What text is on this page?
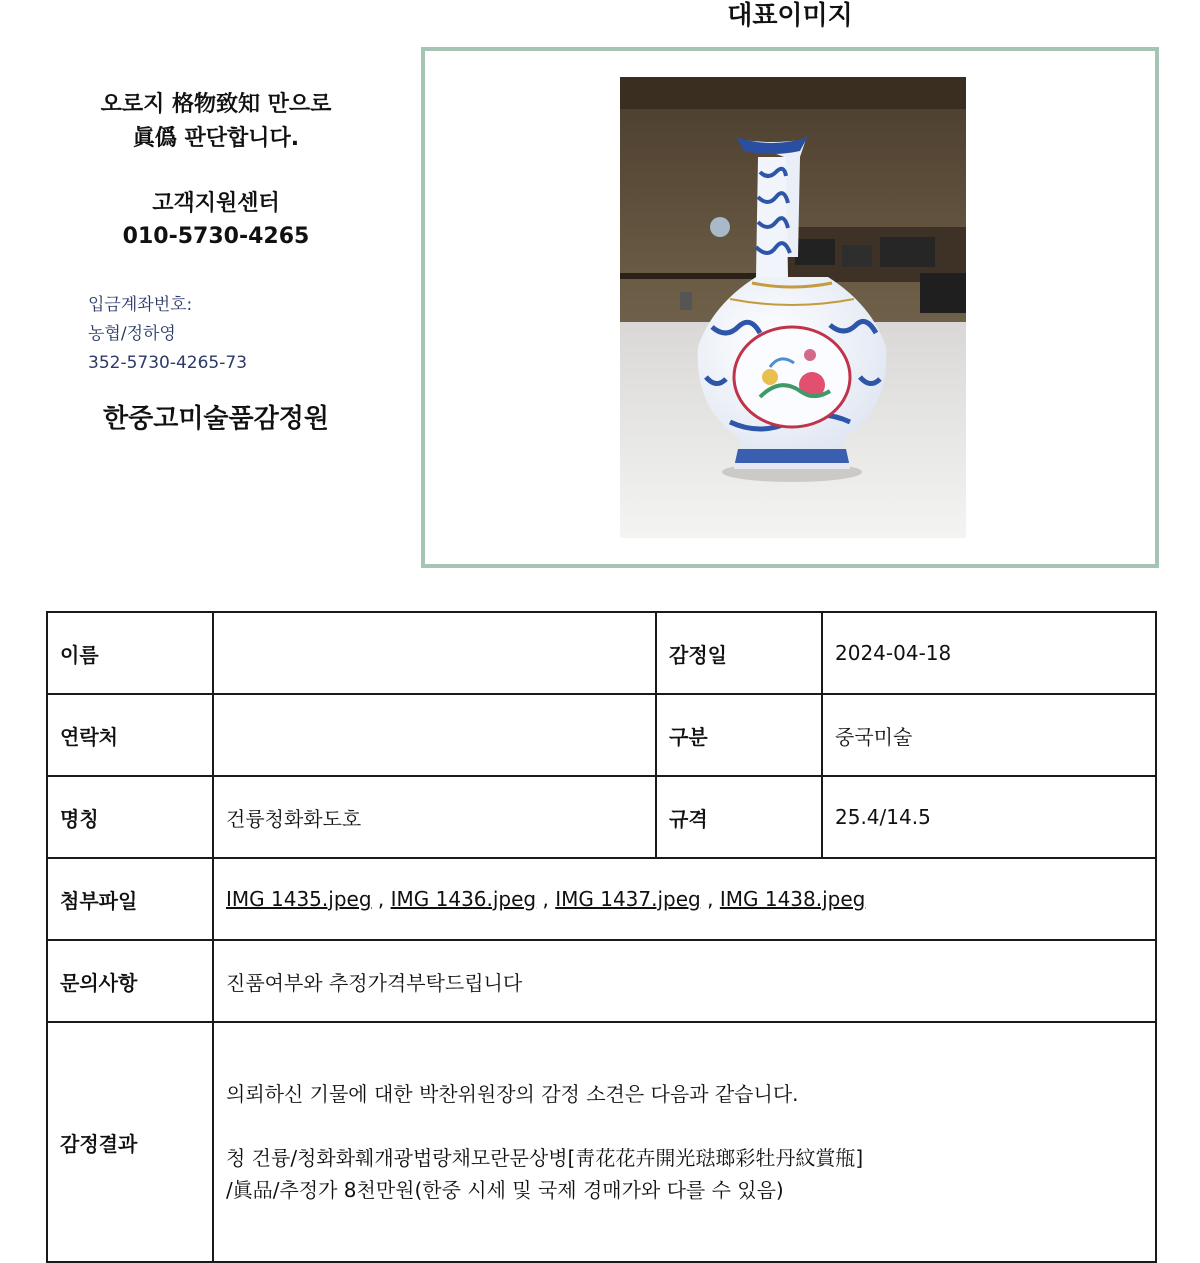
오로지 格物致知 만으로
眞僞 판단합니다.

고객지원센터
010-5730-4265
입금계좌번호:
농협/정하영
352-5730-4265-73
한중고미술품감정원
대표이미지
이름		감정일	2024-04-18
연락처		구분	중국미술
명칭	건륭청화화도호	규격	25.4/14.5
첨부파일	IMG 1435.jpeg , IMG 1436.jpeg , IMG 1437.jpeg , IMG 1438.jpeg		
문의사항	진품여부와 추정가격부탁드립니다		
감정결과	의뢰하신 기물에 대한 박찬위원장의 감정 소견은 다음과 같습니다.

청 건륭/청화화훼개광법랑채모란문상병[靑花花卉開光琺瑯彩牡丹紋賞甁]

/眞品/추정가 8천만원(한중 시세 및 국제 경매가와 다를 수 있음)		
